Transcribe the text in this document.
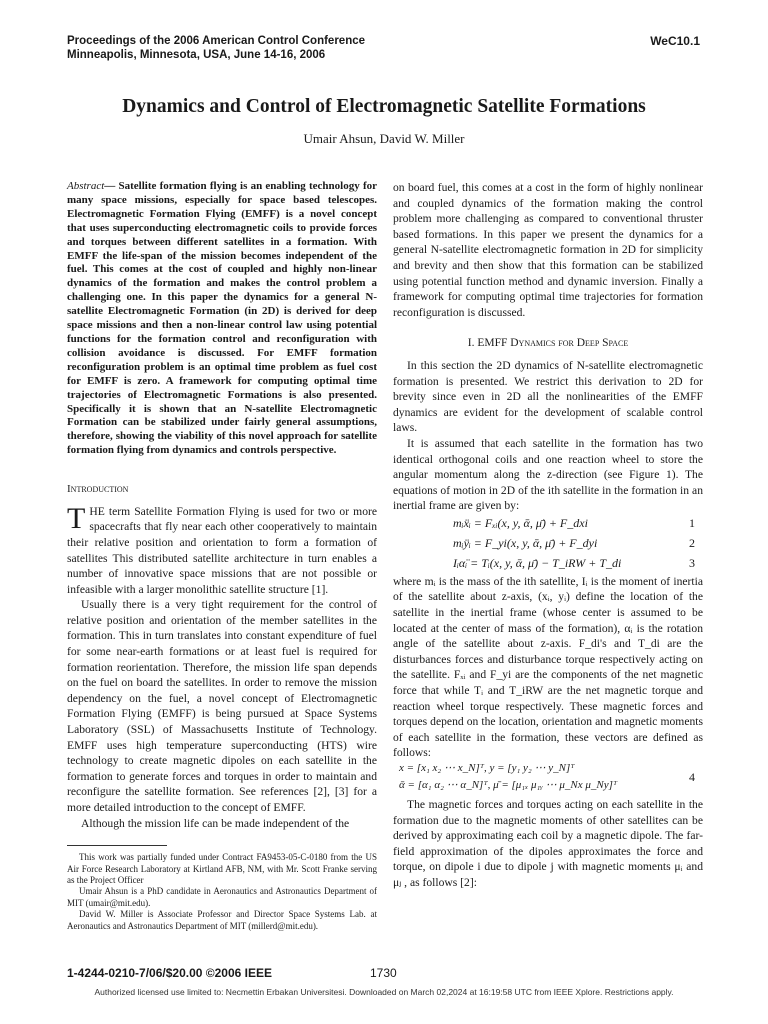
Proceedings of the 2006 American Control Conference
Minneapolis, Minnesota, USA, June 14-16, 2006
WeC10.1
Dynamics and Control of Electromagnetic Satellite Formations
Umair Ahsun, David W. Miller

Abstract— Satellite formation flying is an enabling technology for many space missions, especially for space based telescopes. Electromagnetic Formation Flying (EMFF) is a novel concept that uses superconducting electromagnetic coils to provide forces and torques between different satellites in a formation. With EMFF the life-span of the mission becomes independent of the fuel. This comes at the cost of coupled and highly non-linear dynamics of the formation and makes the control problem a challenging one. In this paper the dynamics for a general N-satellite Electromagnetic Formation (in 2D) is derived for deep space missions and then a non-linear control law using potential functions for the formation control and reconfiguration with collision avoidance is discussed. For EMFF formation reconfiguration problem is an optimal time problem as fuel cost for EMFF is zero. A framework for computing optimal time trajectories of Electromagnetic Formations is also presented. Specifically it is shown that an N-satellite Electromagnetic Formation can be stabilized under fairly general assumptions, therefore, showing the viability of this novel approach for satellite formation flying from dynamics and controls perspective.

Introduction

THE term Satellite Formation Flying is used for two or more spacecrafts that fly near each other cooperatively to maintain their relative position and orientation to form a formation of satellites This distributed satellite architecture in turn enables a number of innovative space missions that are not possible or infeasible with a larger monolithic satellite structure [1].

Usually there is a very tight requirement for the control of relative position and orientation of the member satellites in the formation. This in turn translates into constant expenditure of fuel for some near-earth formations or at least fuel is required for formation reorientation. Therefore, the mission life span depends on the fuel on board the satellites. In order to remove the mission dependency on the fuel, a novel concept of Electromagnetic Formation Flying (EMFF) is being pursued at Space Systems Laboratory (SSL) of Massachusetts Institute of Technology. EMFF uses high temperature superconducting (HTS) wire technology to create magnetic dipoles on each satellite in the formation to generate forces and torques in order to maintain and reconfigure the satellite formation. See references [2], [3] for a more detailed introduction to the concept of EMFF.

Although the mission life can be made independent of the

This work was partially funded under Contract FA9453-05-C-0180 from the US Air Force Research Laboratory at Kirtland AFB, NM, with Mr. Scott Franke serving as the Project Officer

Umair Ahsun is a PhD candidate in Aeronautics and Astronautics Department of MIT (umair@mit.edu).

David W. Miller is Associate Professor and Director Space Systems Lab. at Aeronautics and Astronautics Department of MIT (millerd@mit.edu).

on board fuel, this comes at a cost in the form of highly nonlinear and coupled dynamics of the formation making the control problem more challenging as compared to conventional thruster based formations. In this paper we present the dynamics for a general N-satellite electromagnetic formation in 2D for simplicity and brevity and then show that this formation can be stabilized using potential function method and dynamic inversion. Finally a framework for computing optimal time trajectories for formation reconfiguration is discussed.

I. EMFF Dynamics for Deep Space

In this section the 2D dynamics of N-satellite electromagnetic formation is presented. We restrict this derivation to 2D for brevity since even in 2D all the nonlinearities of the EMFF dynamics are evident for the development of scalable control laws.

It is assumed that each satellite in the formation has two identical orthogonal coils and one reaction wheel to store the angular momentum along the z-direction (see Figure 1). The equations of motion in 2D of the ith satellite in the formation in an inertial frame are given by:

mᵢẍᵢ = Fₓᵢ(x, y, ᾱ, μ̄) + F_dxi	1
mᵢÿᵢ = F_yi(x, y, ᾱ, μ̄) + F_dyi	2
Iᵢα̈ᵢ = Tᵢ(x, y, ᾱ, μ̄) − T_iRW + T_di	3

where mᵢ is the mass of the ith satellite, Iᵢ is the moment of inertia of the satellite about z-axis, (xᵢ, yᵢ) define the location of the satellite in the inertial frame (whose center is assumed to be located at the center of mass of the formation), αᵢ is the rotation angle of the satellite about z-axis. F_di's and T_di are the disturbances forces and disturbance torque respectively acting on the satellite. Fₓᵢ and F_yi are the components of the net magnetic force that while Tᵢ and T_iRW are the net magnetic torque and reaction wheel torque respectively. These magnetic forces and torques depend on the location, orientation and magnetic moments of each satellite in the formation, these vectors are defined as follows:

x = [x₁ x₂ ⋯ x_N]ᵀ, y = [y₁ y₂ ⋯ y_N]ᵀ
ᾱ = [α₁ α₂ ⋯ α_N]ᵀ, μ̄ = [μ₁ₓ μ₁ᵧ ⋯ μ_Nx μ_Ny]ᵀ
4

The magnetic forces and torques acting on each satellite in the formation due to the magnetic moments of other satellites can be derived by approximating each coil by a magnetic dipole. The far-field approximation of the dipoles approximates the force and torque, on dipole i due to dipole j with magnetic moments μᵢ and μⱼ , as follows [2]:

1-4244-0210-7/06/$20.00 ©2006 IEEE	1730
Authorized licensed use limited to: Necmettin Erbakan Universitesi. Downloaded on March 02,2024 at 16:19:58 UTC from IEEE Xplore. Restrictions apply.
